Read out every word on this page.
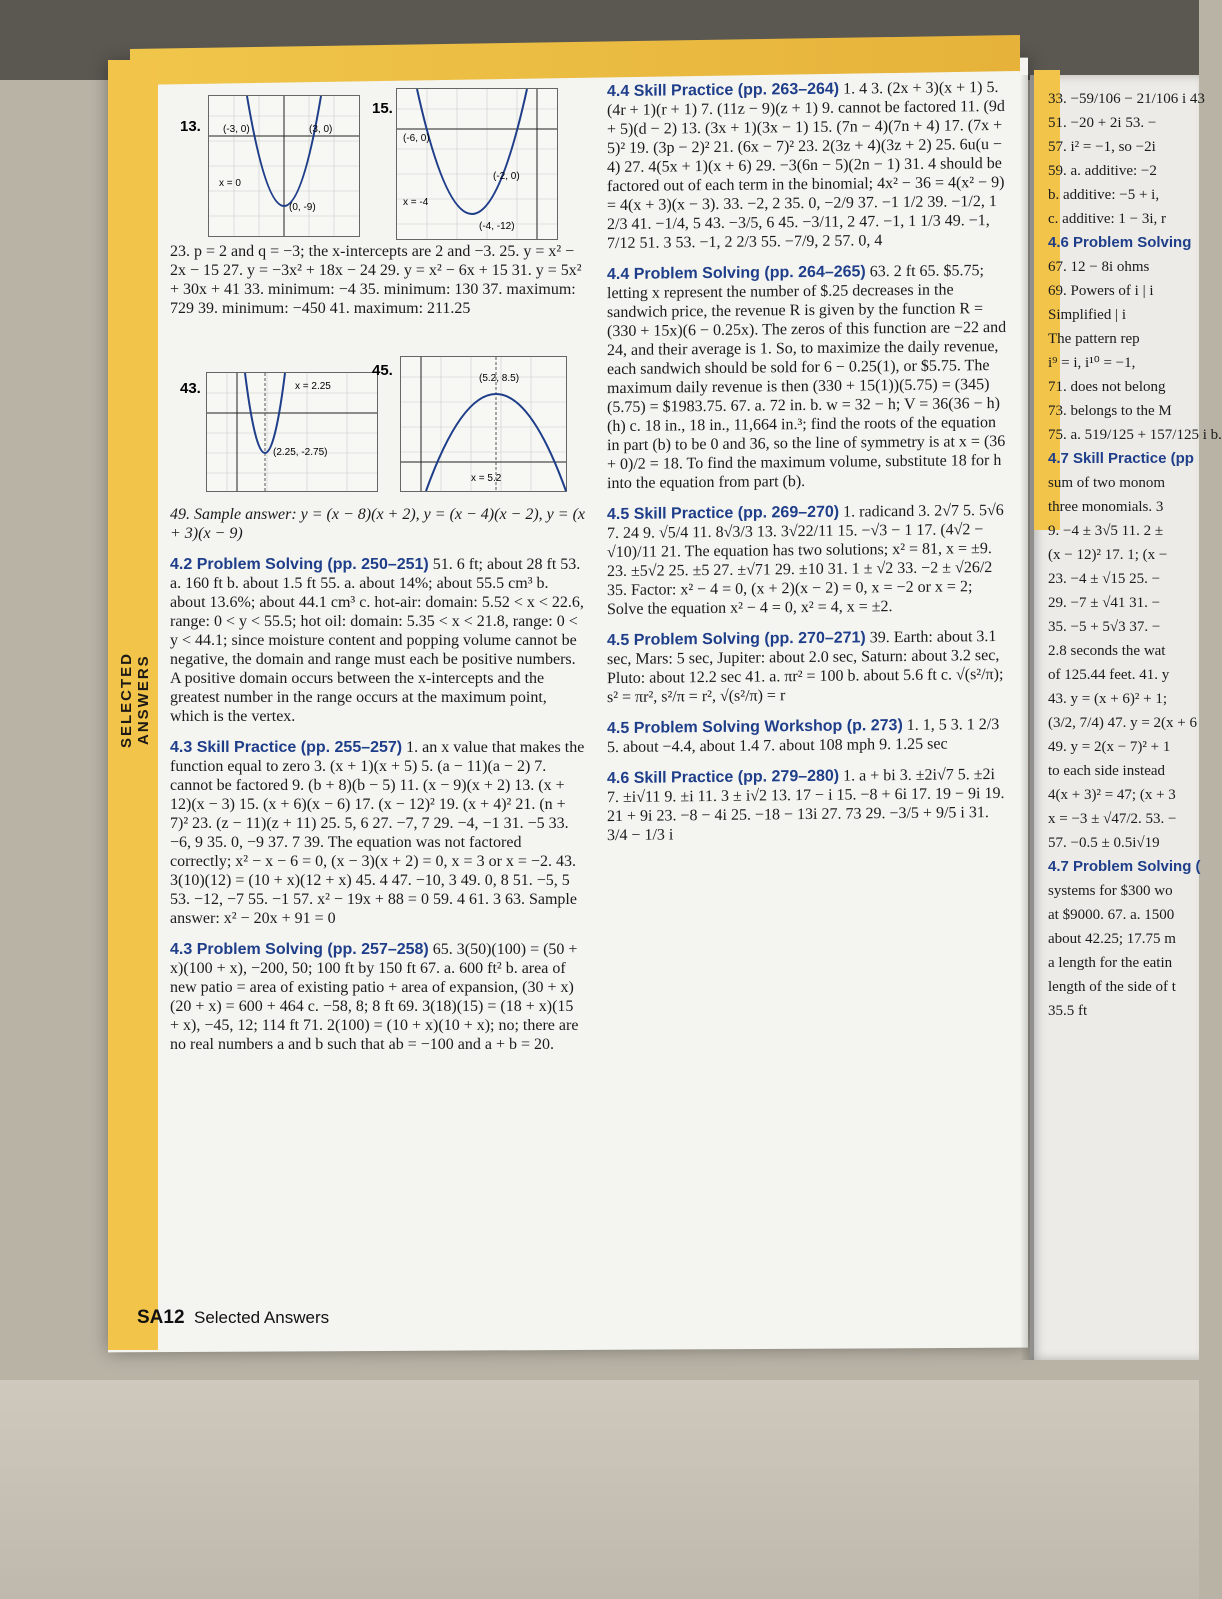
SELECTED ANSWERS
13. (-3, 0)	(3, 0)
x = 0
(0, -9)
15.
(-6, 0)
(-2, 0)
x = -4
(-4, -12)
43.	x = 2.25
(2.25, -2.75)
45.	(5.2, 8.5)
x = 5.2

23. p = 2 and q = −3; the x-intercepts are 2 and −3. 25. y = x² − 2x − 15 27. y = −3x² + 18x − 24 29. y = x² − 6x + 15 31. y = 5x² + 30x + 41 33. minimum: −4 35. minimum: 130 37. maximum: 729 39. minimum: −450 41. maximum: 211.25

49. Sample answer: y = (x − 8)(x + 2), y = (x − 4)(x − 2), y = (x + 3)(x − 9)

4.2 Problem Solving (pp. 250–251) 51. 6 ft; about 28 ft 53. a. 160 ft b. about 1.5 ft 55. a. about 14%; about 55.5 cm³ b. about 13.6%; about 44.1 cm³ c. hot-air: domain: 5.52 < x < 22.6, range: 0 < y < 55.5; hot oil: domain: 5.35 < x < 21.8, range: 0 < y < 44.1; since moisture content and popping volume cannot be negative, the domain and range must each be positive numbers. A positive domain occurs between the x-intercepts and the greatest number in the range occurs at the maximum point, which is the vertex.

4.3 Skill Practice (pp. 255–257) 1. an x value that makes the function equal to zero 3. (x + 1)(x + 5) 5. (a − 11)(a − 2) 7. cannot be factored 9. (b + 8)(b − 5) 11. (x − 9)(x + 2) 13. (x + 12)(x − 3) 15. (x + 6)(x − 6) 17. (x − 12)² 19. (x + 4)² 21. (n + 7)² 23. (z − 11)(z + 11) 25. 5, 6 27. −7, 7 29. −4, −1 31. −5 33. −6, 9 35. 0, −9 37. 7 39. The equation was not factored correctly; x² − x − 6 = 0, (x − 3)(x + 2) = 0, x = 3 or x = −2. 43. 3(10)(12) = (10 + x)(12 + x) 45. 4 47. −10, 3 49. 0, 8 51. −5, 5 53. −12, −7 55. −1 57. x² − 19x + 88 = 0 59. 4 61. 3 63. Sample answer: x² − 20x + 91 = 0

4.3 Problem Solving (pp. 257–258) 65. 3(50)(100) = (50 + x)(100 + x), −200, 50; 100 ft by 150 ft 67. a. 600 ft² b. area of new patio = area of existing patio + area of expansion, (30 + x)(20 + x) = 600 + 464 c. −58, 8; 8 ft 69. 3(18)(15) = (18 + x)(15 + x), −45, 12; 114 ft 71. 2(100) = (10 + x)(10 + x); no; there are no real numbers a and b such that ab = −100 and a + b = 20.

4.4 Skill Practice (pp. 263–264) 1. 4 3. (2x + 3)(x + 1) 5. (4r + 1)(r + 1) 7. (11z − 9)(z + 1) 9. cannot be factored 11. (9d + 5)(d − 2) 13. (3x + 1)(3x − 1) 15. (7n − 4)(7n + 4) 17. (7x + 5)² 19. (3p − 2)² 21. (6x − 7)² 23. 2(3z + 4)(3z + 2) 25. 6u(u − 4) 27. 4(5x + 1)(x + 6) 29. −3(6n − 5)(2n − 1) 31. 4 should be factored out of each term in the binomial; 4x² − 36 = 4(x² − 9) = 4(x + 3)(x − 3). 33. −2, 2 35. 0, −2/9 37. −1 1/2 39. −1/2, 1 2/3 41. −1/4, 5 43. −3/5, 6 45. −3/11, 2 47. −1, 1 1/3 49. −1, 7/12 51. 3 53. −1, 2 2/3 55. −7/9, 2 57. 0, 4

4.4 Problem Solving (pp. 264–265) 63. 2 ft 65. $5.75; letting x represent the number of $.25 decreases in the sandwich price, the revenue R is given by the function R = (330 + 15x)(6 − 0.25x). The zeros of this function are −22 and 24, and their average is 1. So, to maximize the daily revenue, each sandwich should be sold for 6 − 0.25(1), or $5.75. The maximum daily revenue is then (330 + 15(1))(5.75) = (345)(5.75) = $1983.75. 67. a. 72 in. b. w = 32 − h; V = 36(36 − h)(h) c. 18 in., 18 in., 11,664 in.³; find the roots of the equation in part (b) to be 0 and 36, so the line of symmetry is at x = (36 + 0)/2 = 18. To find the maximum volume, substitute 18 for h into the equation from part (b).

4.5 Skill Practice (pp. 269–270) 1. radicand 3. 2√7 5. 5√6 7. 24 9. √5/4 11. 8√3/3 13. 3√22/11 15. −√3 − 1 17. (4√2 − √10)/11 21. The equation has two solutions; x² = 81, x = ±9. 23. ±5√2 25. ±5 27. ±√71 29. ±10 31. 1 ± √2 33. −2 ± √26/2 35. Factor: x² − 4 = 0, (x + 2)(x − 2) = 0, x = −2 or x = 2; Solve the equation x² − 4 = 0, x² = 4, x = ±2.

4.5 Problem Solving (pp. 270–271) 39. Earth: about 3.1 sec, Mars: 5 sec, Jupiter: about 2.0 sec, Saturn: about 3.2 sec, Pluto: about 12.2 sec 41. a. πr² = 100 b. about 5.6 ft c. √(s²/π); s² = πr², s²/π = r², √(s²/π) = r

4.5 Problem Solving Workshop (p. 273) 1. 1, 5 3. 1 2/3 5. about −4.4, about 1.4 7. about 108 mph 9. 1.25 sec

4.6 Skill Practice (pp. 279–280) 1. a + bi 3. ±2i√7 5. ±2i 7. ±i√11 9. ±i 11. 3 ± i√2 13. 17 − i 15. −8 + 6i 17. 19 − 9i 19. 21 + 9i 23. −8 − 4i 25. −18 − 13i 27. 73 29. −3/5 + 9/5 i 31. 3/4 − 1/3 i

33. −59/106 − 21/106 i 43

51. −20 + 2i 53. −

57. i² = −1, so −2i

59. a. additive: −2

b. additive: −5 + i,

c. additive: 1 − 3i, r

4.6 Problem Solving

67. 12 − 8i ohms

69. Powers of i | i

Simplified | i

The pattern rep

i⁹ = i, i¹⁰ = −1,

71. does not belong

73. belongs to the M

75. a. 519/125 + 157/125 i b.

4.7 Skill Practice (pp

sum of two monom

three monomials. 3

9. −4 ± 3√5 11. 2 ±

(x − 12)² 17. 1; (x −

23. −4 ± √15 25. −

29. −7 ± √41 31. −

35. −5 + 5√3 37. −

2.8 seconds the wat

of 125.44 feet. 41. y

43. y = (x + 6)² + 1;

(3/2, 7/4) 47. y = 2(x + 6

49. y = 2(x − 7)² + 1

to each side instead

4(x + 3)² = 47; (x + 3

x = −3 ± √47/2. 53. −

57. −0.5 ± 0.5i√19

4.7 Problem Solving (

systems for $300 wo

at $9000. 67. a. 1500

about 42.25; 17.75 m

a length for the eatin

length of the side of t

35.5 ft

SA12 Selected Answers
